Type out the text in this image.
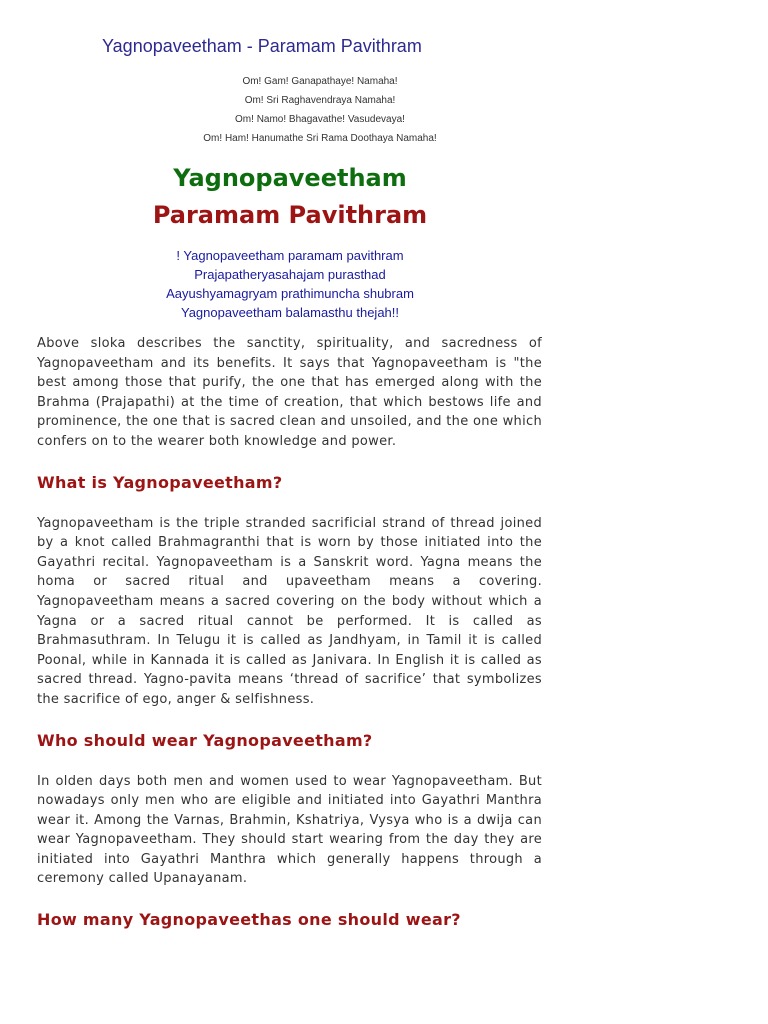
Yagnopaveetham - Paramam Pavithram
Om! Gam! Ganapathaye! Namaha!
Om! Sri Raghavendraya Namaha!
Om! Namo! Bhagavathe! Vasudevaya!
Om! Ham! Hanumathe Sri Rama Doothaya Namaha!
Yagnopaveetham
Paramam Pavithram
! Yagnopaveetham paramam pavithram
Prajapatheryasahajam purasthad
Aayushyamagryam prathimuncha shubram
Yagnopaveetham balamasthu thejah!!

Above sloka describes the sanctity, spirituality, and sacredness of Yagnopaveetham and its benefits. It says that Yagnopaveetham is "the best among those that purify, the one that has emerged along with the Brahma (Prajapathi) at the time of creation, that which bestows life and prominence, the one that is sacred clean and unsoiled, and the one which confers on to the wearer both knowledge and power.

What is Yagnopaveetham?

Yagnopaveetham is the triple stranded sacrificial strand of thread joined by a knot called Brahmagranthi that is worn by those initiated into the Gayathri recital. Yagnopaveetham is a Sanskrit word. Yagna means the homa or sacred ritual and upaveetham means a covering. Yagnopaveetham means a sacred covering on the body without which a Yagna or a sacred ritual cannot be performed. It is called as Brahmasuthram. In Telugu it is called as Jandhyam, in Tamil it is called Poonal, while in Kannada it is called as Janivara. In English it is called as sacred thread. Yagno-pavita means ‘thread of sacrifice’ that symbolizes the sacrifice of ego, anger & selfishness.

Who should wear Yagnopaveetham?

In olden days both men and women used to wear Yagnopaveetham. But nowadays only men who are eligible and initiated into Gayathri Manthra wear it. Among the Varnas, Brahmin, Kshatriya, Vysya who is a dwija can wear Yagnopaveetham. They should start wearing from the day they are initiated into Gayathri Manthra which generally happens through a ceremony called Upanayanam.

How many Yagnopaveethas one should wear?
